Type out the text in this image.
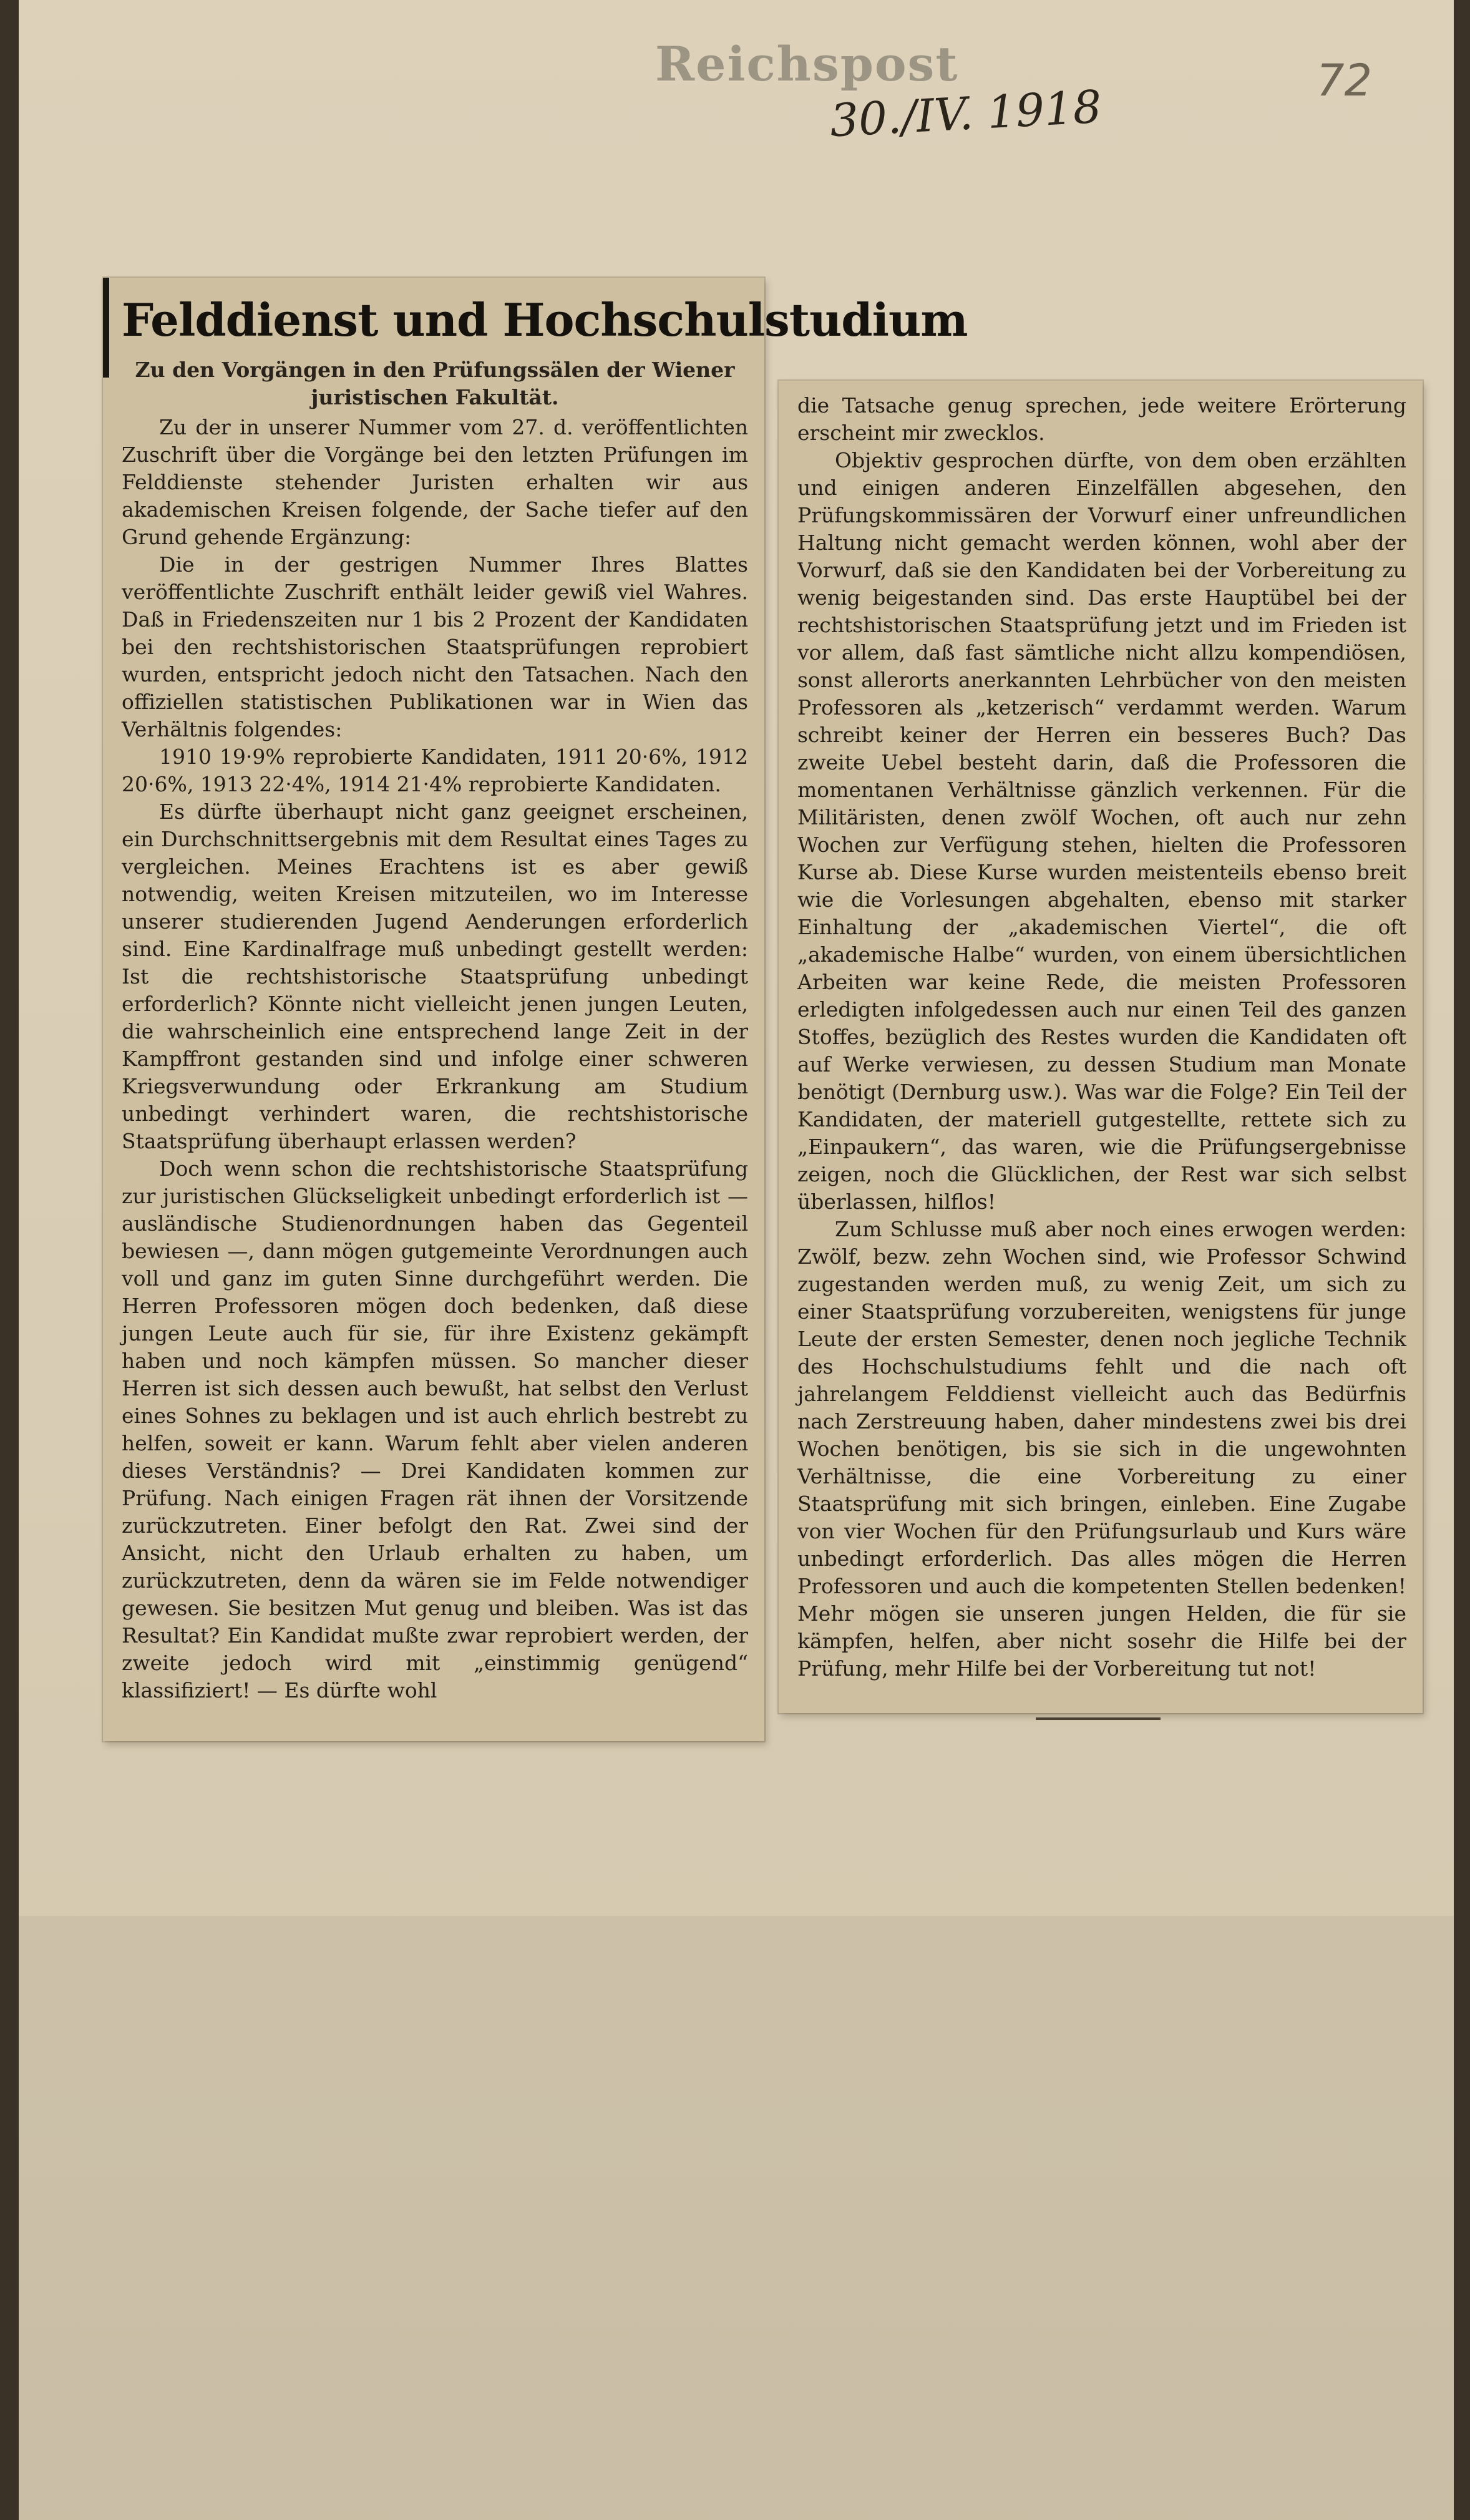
Reichspost
30./IV. 1918	72
Felddienst und Hochschulstudium
Zu den Vorgängen in den Prüfungssälen der Wiener juristischen Fakultät.

Zu der in unserer Nummer vom 27. d. veröffentlichten Zuschrift über die Vorgänge bei den letzten Prüfungen im Felddienste stehender Juristen erhalten wir aus akademischen Kreisen folgende, der Sache tiefer auf den Grund gehende Ergänzung:

Die in der gestrigen Nummer Ihres Blattes veröffentlichte Zuschrift enthält leider gewiß viel Wahres. Daß in Friedenszeiten nur 1 bis 2 Prozent der Kandidaten bei den rechtshistorischen Staatsprüfungen reprobiert wurden, entspricht jedoch nicht den Tatsachen. Nach den offiziellen statistischen Publikationen war in Wien das Verhältnis folgendes:

1910 19·9% reprobierte Kandidaten, 1911 20·6%, 1912 20·6%, 1913 22·4%, 1914 21·4% reprobierte Kandidaten.

Es dürfte überhaupt nicht ganz geeignet erscheinen, ein Durchschnittsergebnis mit dem Resultat eines Tages zu vergleichen. Meines Erachtens ist es aber gewiß notwendig, weiten Kreisen mitzuteilen, wo im Interesse unserer studierenden Jugend Aenderungen erforderlich sind. Eine Kardinalfrage muß unbedingt gestellt werden: Ist die rechtshistorische Staatsprüfung unbedingt erforderlich? Könnte nicht vielleicht jenen jungen Leuten, die wahrscheinlich eine entsprechend lange Zeit in der Kampffront gestanden sind und infolge einer schweren Kriegsverwundung oder Erkrankung am Studium unbedingt verhindert waren, die rechtshistorische Staatsprüfung überhaupt erlassen werden?

Doch wenn schon die rechtshistorische Staatsprüfung zur juristischen Glückseligkeit unbedingt erforderlich ist — ausländische Studienordnungen haben das Gegenteil bewiesen —, dann mögen gutgemeinte Verordnungen auch voll und ganz im guten Sinne durchgeführt werden. Die Herren Professoren mögen doch bedenken, daß diese jungen Leute auch für sie, für ihre Existenz gekämpft haben und noch kämpfen müssen. So mancher dieser Herren ist sich dessen auch bewußt, hat selbst den Verlust eines Sohnes zu beklagen und ist auch ehrlich bestrebt zu helfen, soweit er kann. Warum fehlt aber vielen anderen dieses Verständnis? — Drei Kandidaten kommen zur Prüfung. Nach einigen Fragen rät ihnen der Vorsitzende zurückzutreten. Einer befolgt den Rat. Zwei sind der Ansicht, nicht den Urlaub erhalten zu haben, um zurückzutreten, denn da wären sie im Felde notwendiger gewesen. Sie besitzen Mut genug und bleiben. Was ist das Resultat? Ein Kandidat mußte zwar reprobiert werden, der zweite jedoch wird mit „einstimmig genügend“ klassifiziert! — Es dürfte wohl

die Tatsache genug sprechen, jede weitere Erörterung erscheint mir zwecklos.

Objektiv gesprochen dürfte, von dem oben erzählten und einigen anderen Einzelfällen abgesehen, den Prüfungskommissären der Vorwurf einer unfreundlichen Haltung nicht gemacht werden können, wohl aber der Vorwurf, daß sie den Kandidaten bei der Vorbereitung zu wenig beigestanden sind. Das erste Hauptübel bei der rechtshistorischen Staatsprüfung jetzt und im Frieden ist vor allem, daß fast sämtliche nicht allzu kompendiösen, sonst allerorts anerkannten Lehrbücher von den meisten Professoren als „ketzerisch“ verdammt werden. Warum schreibt keiner der Herren ein besseres Buch? Das zweite Uebel besteht darin, daß die Professoren die momentanen Verhältnisse gänzlich verkennen. Für die Militäristen, denen zwölf Wochen, oft auch nur zehn Wochen zur Verfügung stehen, hielten die Professoren Kurse ab. Diese Kurse wurden meistenteils ebenso breit wie die Vorlesungen abgehalten, ebenso mit starker Einhaltung der „akademischen Viertel“, die oft „akademische Halbe“ wurden, von einem übersichtlichen Arbeiten war keine Rede, die meisten Professoren erledigten infolgedessen auch nur einen Teil des ganzen Stoffes, bezüglich des Restes wurden die Kandidaten oft auf Werke verwiesen, zu dessen Studium man Monate benötigt (Dernburg usw.). Was war die Folge? Ein Teil der Kandidaten, der materiell gutgestellte, rettete sich zu „Einpaukern“, das waren, wie die Prüfungsergebnisse zeigen, noch die Glücklichen, der Rest war sich selbst überlassen, hilflos!

Zum Schlusse muß aber noch eines erwogen werden: Zwölf, bezw. zehn Wochen sind, wie Professor Schwind zugestanden werden muß, zu wenig Zeit, um sich zu einer Staatsprüfung vorzubereiten, wenigstens für junge Leute der ersten Semester, denen noch jegliche Technik des Hochschulstudiums fehlt und die nach oft jahrelangem Felddienst vielleicht auch das Bedürfnis nach Zerstreuung haben, daher mindestens zwei bis drei Wochen benötigen, bis sie sich in die ungewohnten Verhältnisse, die eine Vorbereitung zu einer Staatsprüfung mit sich bringen, einleben. Eine Zugabe von vier Wochen für den Prüfungsurlaub und Kurs wäre unbedingt erforderlich. Das alles mögen die Herren Professoren und auch die kompetenten Stellen bedenken! Mehr mögen sie unseren jungen Helden, die für sie kämpfen, helfen, aber nicht sosehr die Hilfe bei der Prüfung, mehr Hilfe bei der Vorbereitung tut not!
